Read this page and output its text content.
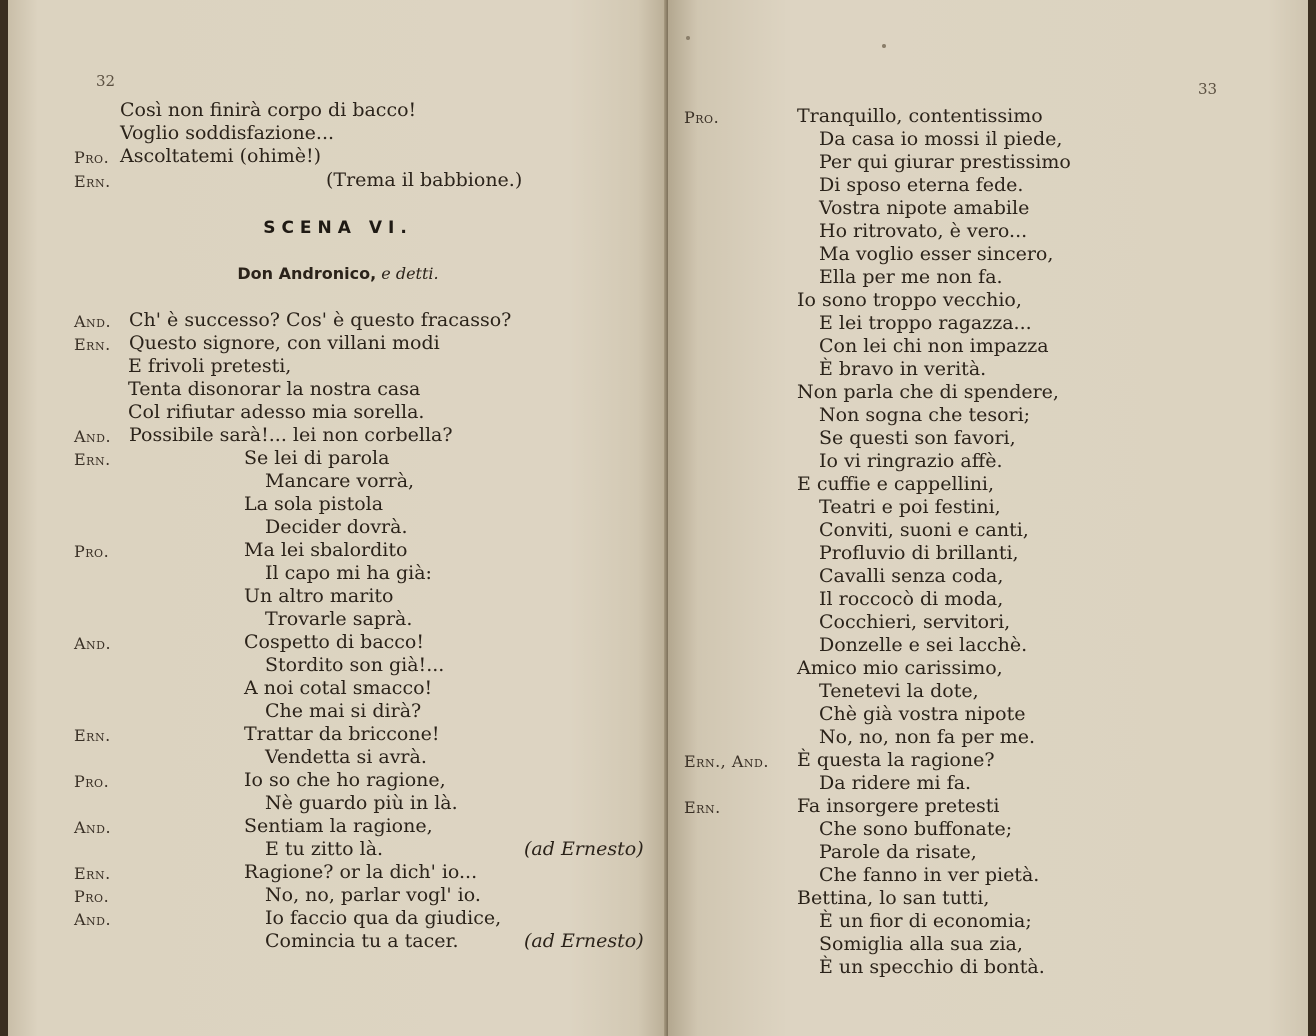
32
Così non finirà corpo di bacco!
Voglio soddisfazione...
Pro. Ascoltatemi (ohimè!)
Ern.	(Trema il babbione.)
SCENA VI.
Don Andronico, e detti.
And. Ch' è successo? Cos' è questo fracasso?
Ern. Questo signore, con villani modi
E frivoli pretesti,
Tenta disonorar la nostra casa
Col rifiutar adesso mia sorella.
And. Possibile sarà!... lei non corbella?
Ern.	Se lei di parola
Mancare vorrà,
La sola pistola
Decider dovrà.
Pro.	Ma lei sbalordito
Il capo mi ha già:
Un altro marito
Trovarle saprà.
And.	Cospetto di bacco!
Stordito son già!...
A noi cotal smacco!
Che mai si dirà?
Ern.	Trattar da briccone!
Vendetta si avrà.
Pro.	Io so che ho ragione,
Nè guardo più in là.
And.	Sentiam la ragione,
E tu zitto là.	(ad Ernesto)
Ern.	Ragione? or la dich' io...
Pro.	No, no, parlar vogl' io.
And.	Io faccio qua da giudice,
Comincia tu a tacer.	(ad Ernesto)
33
Pro.	Tranquillo, contentissimo
Da casa io mossi il piede,
Per qui giurar prestissimo
Di sposo eterna fede.
Vostra nipote amabile
Ho ritrovato, è vero...
Ma voglio esser sincero,
Ella per me non fa.
Io sono troppo vecchio,
E lei troppo ragazza...
Con lei chi non impazza
È bravo in verità.
Non parla che di spendere,
Non sogna che tesori;
Se questi son favori,
Io vi ringrazio affè.
E cuffie e cappellini,
Teatri e poi festini,
Conviti, suoni e canti,
Profluvio di brillanti,
Cavalli senza coda,
Il roccocò di moda,
Cocchieri, servitori,
Donzelle e sei lacchè.
Amico mio carissimo,
Tenetevi la dote,
Chè già vostra nipote
No, no, non fa per me.
Ern., And. È questa la ragione?
Da ridere mi fa.
Ern.	Fa insorgere pretesti
Che sono buffonate;
Parole da risate,
Che fanno in ver pietà.
Bettina, lo san tutti,
È un fior di economia;
Somiglia alla sua zia,
È un specchio di bontà.
